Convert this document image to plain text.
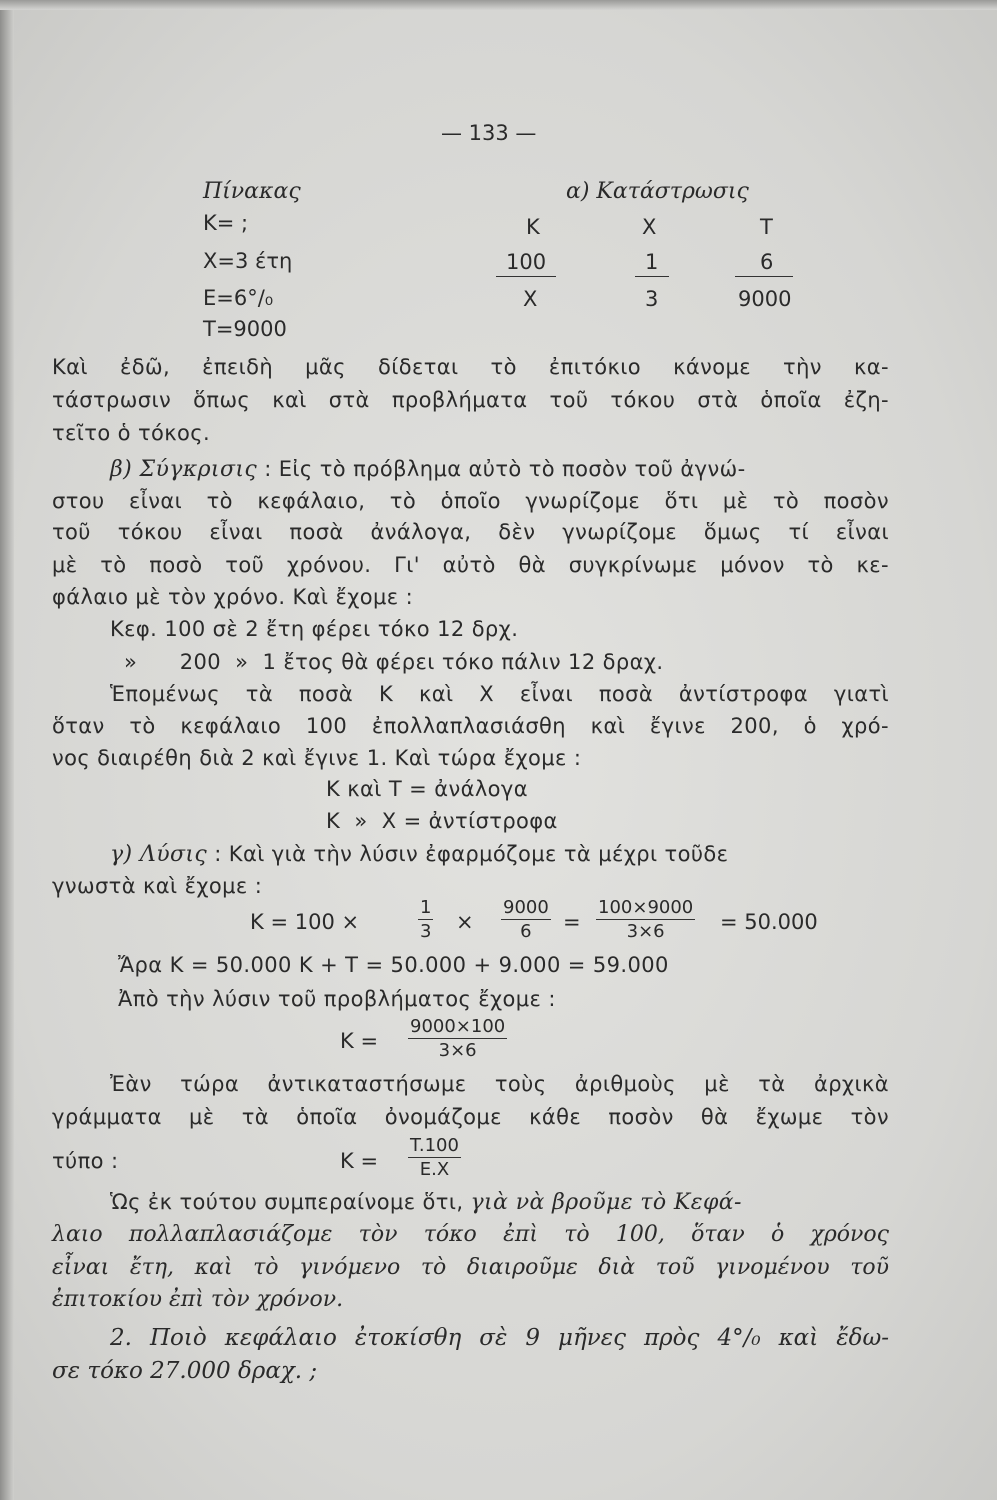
— 133 —
Πίνακας
K= ;
X=3 έτη
E=6°/₀
T=9000
α) Κατάστρωσις
K	X	T
100	1	6
X	3	9000
Καὶ ἐδῶ, ἐπειδὴ μᾶς δίδεται τὸ ἐπιτόκιο κάνομε τὴν κα-
τάστρωσιν ὅπως καὶ στὰ προβλήματα τοῦ τόκου στὰ ὁποῖα ἐζη-
τεῖτο ὁ τόκος.
β) Σύγκρισις : Εἰς τὸ πρόβλημα αὐτὸ τὸ ποσὸν τοῦ ἀγνώ-
στου εἶναι τὸ κεφάλαιο, τὸ ὁποῖο γνωρίζομε ὅτι μὲ τὸ ποσὸν
τοῦ τόκου εἶναι ποσὰ ἀνάλογα, δὲν γνωρίζομε ὅμως τί εἶναι
μὲ τὸ ποσὸ τοῦ χρόνου. Γι' αὐτὸ θὰ συγκρίνωμε μόνον τὸ κε-
φάλαιο μὲ τὸν χρόνο. Καὶ ἔχομε :
Κεφ. 100 σὲ 2 ἔτη φέρει τόκο 12 δρχ.
»      200  »  1 ἔτος θὰ φέρει τόκο πάλιν 12 δραχ.
Ἑπομένως τὰ ποσὰ Κ καὶ Χ εἶναι ποσὰ ἀντίστροφα γιατὶ
ὅταν τὸ κεφάλαιο 100 ἐπολλαπλασιάσθη καὶ ἔγινε 200, ὁ χρό-
νος διαιρέθη διὰ 2 καὶ ἔγινε 1. Καὶ τώρα ἔχομε :
K καὶ T = ἀνάλογα
K  »  X = ἀντίστροφα
γ) Λύσις : Καὶ γιὰ τὴν λύσιν ἐφαρμόζομε τὰ μέχρι τοῦδε
γνωστὰ καὶ ἔχομε :
K = 100 ×	$\frac{1}{3} \times \frac{9000}{6} = \frac{100\times 9000}{3\times 6} = 50.000$
Ἄρα K = 50.000 K + T = 50.000 + 9.000 = 59.000
Ἀπὸ τὴν λύσιν τοῦ προβλήματος ἔχομε :
$K = \frac{9000\times 100}{3\times 6}$
Ἐὰν τώρα ἀντικαταστήσωμε τοὺς ἀριθμοὺς μὲ τὰ ἀρχικὰ
γράμματα μὲ τὰ ὁποῖα ὀνομάζομε κάθε ποσὸν θὰ ἔχωμε τὸν
τύπο :	$K = \frac{T.100}{E.X}$
Ὡς ἐκ τούτου συμπεραίνομε ὅτι, γιὰ νὰ βροῦμε τὸ Κεφά-
λαιο πολλαπλασιάζομε τὸν τόκο ἐπὶ τὸ 100, ὅταν ὁ χρόνος
εἶναι ἔτη, καὶ τὸ γινόμενο τὸ διαιροῦμε διὰ τοῦ γινομένου τοῦ
ἐπιτοκίου ἐπὶ τὸν χρόνον.
2. Ποιὸ κεφάλαιο ἐτοκίσθη σὲ 9 μῆνες πρὸς 4°/₀ καὶ ἔδω-
σε τόκο 27.000 δραχ. ;
